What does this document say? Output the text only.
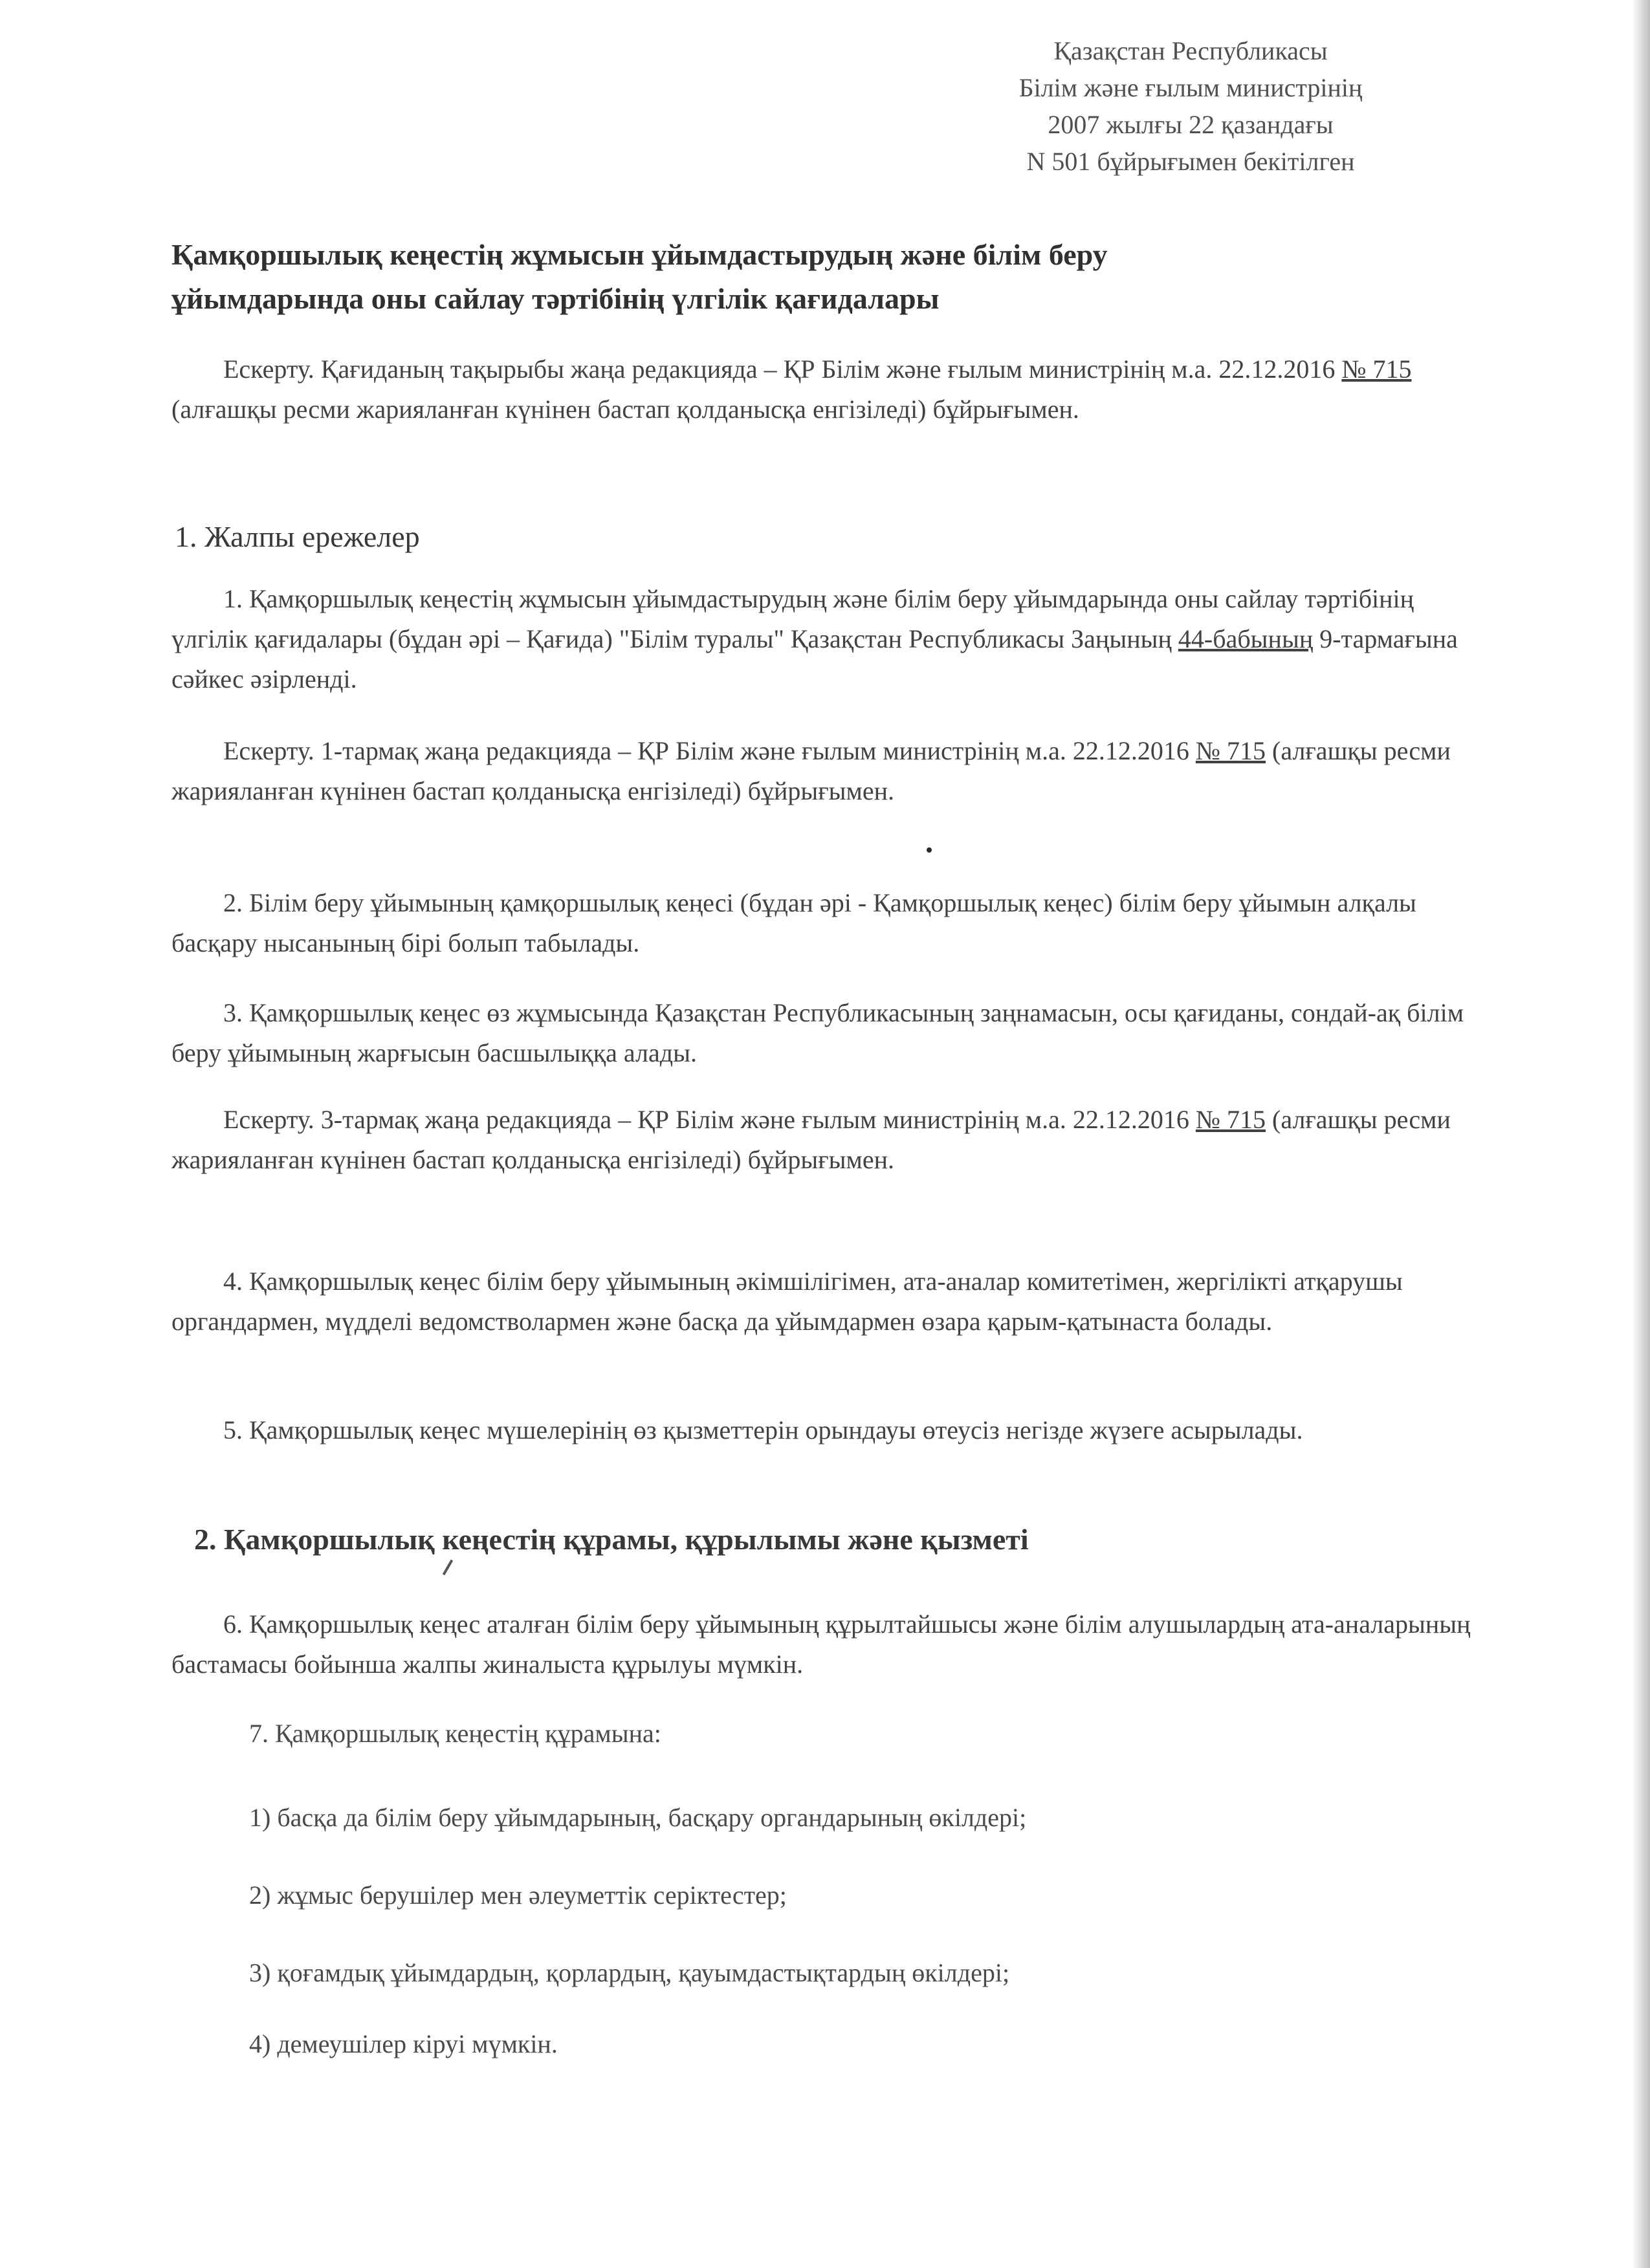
Қазақстан Республикасы
Білім және ғылым министрінің
2007 жылғы 22 қазандағы
N 501 бұйрығымен бекітілген
Қамқоршылық кеңестің жұмысын ұйымдастырудың және білім беру
ұйымдарында оны сайлау тәртібінің үлгілік қағидалары
Ескерту. Қағиданың тақырыбы жаңа редакцияда – ҚР Білім және ғылым министрінің м.а. 22.12.2016 № 715 (алғашқы ресми жарияланған күнінен бастап қолданысқа енгізіледі) бұйрығымен.
1. Жалпы ережелер
1. Қамқоршылық кеңестің жұмысын ұйымдастырудың және білім беру ұйымдарында оны сайлау тәртібінің үлгілік қағидалары (бұдан әрі – Қағида) "Білім туралы" Қазақстан Республикасы Заңының 44-бабының 9-тармағына сәйкес әзірленді.
Ескерту. 1-тармақ жаңа редакцияда – ҚР Білім және ғылым министрінің м.а. 22.12.2016 № 715 (алғашқы ресми жарияланған күнінен бастап қолданысқа енгізіледі) бұйрығымен.
2. Білім беру ұйымының қамқоршылық кеңесі (бұдан әрі - Қамқоршылық кеңес) білім беру ұйымын алқалы басқару нысанының бірі болып табылады.
3. Қамқоршылық кеңес өз жұмысында Қазақстан Республикасының заңнамасын, осы қағиданы, сондай-ақ білім беру ұйымының жарғысын басшылыққа алады.
Ескерту. 3-тармақ жаңа редакцияда – ҚР Білім және ғылым министрінің м.а. 22.12.2016 № 715 (алғашқы ресми жарияланған күнінен бастап қолданысқа енгізіледі) бұйрығымен.
4. Қамқоршылық кеңес білім беру ұйымының әкімшілігімен, ата-аналар комитетімен, жергілікті атқарушы органдармен, мүдделі ведомстволармен және басқа да ұйымдармен өзара қарым-қатынаста болады.
5. Қамқоршылық кеңес мүшелерінің өз қызметтерін орындауы өтеусіз негізде жүзеге асырылады.
2. Қамқоршылық кеңестің құрамы, құрылымы және қызметі
6. Қамқоршылық кеңес аталған білім беру ұйымының құрылтайшысы және білім алушылардың ата-аналарының бастамасы бойынша жалпы жиналыста құрылуы мүмкін.
7. Қамқоршылық кеңестің құрамына:
1) басқа да білім беру ұйымдарының, басқару органдарының өкілдері;
2) жұмыс берушілер мен әлеуметтік серіктестер;
3) қоғамдық ұйымдардың, қорлардың, қауымдастықтардың өкілдері;
4) демеушілер кіруі мүмкін.
